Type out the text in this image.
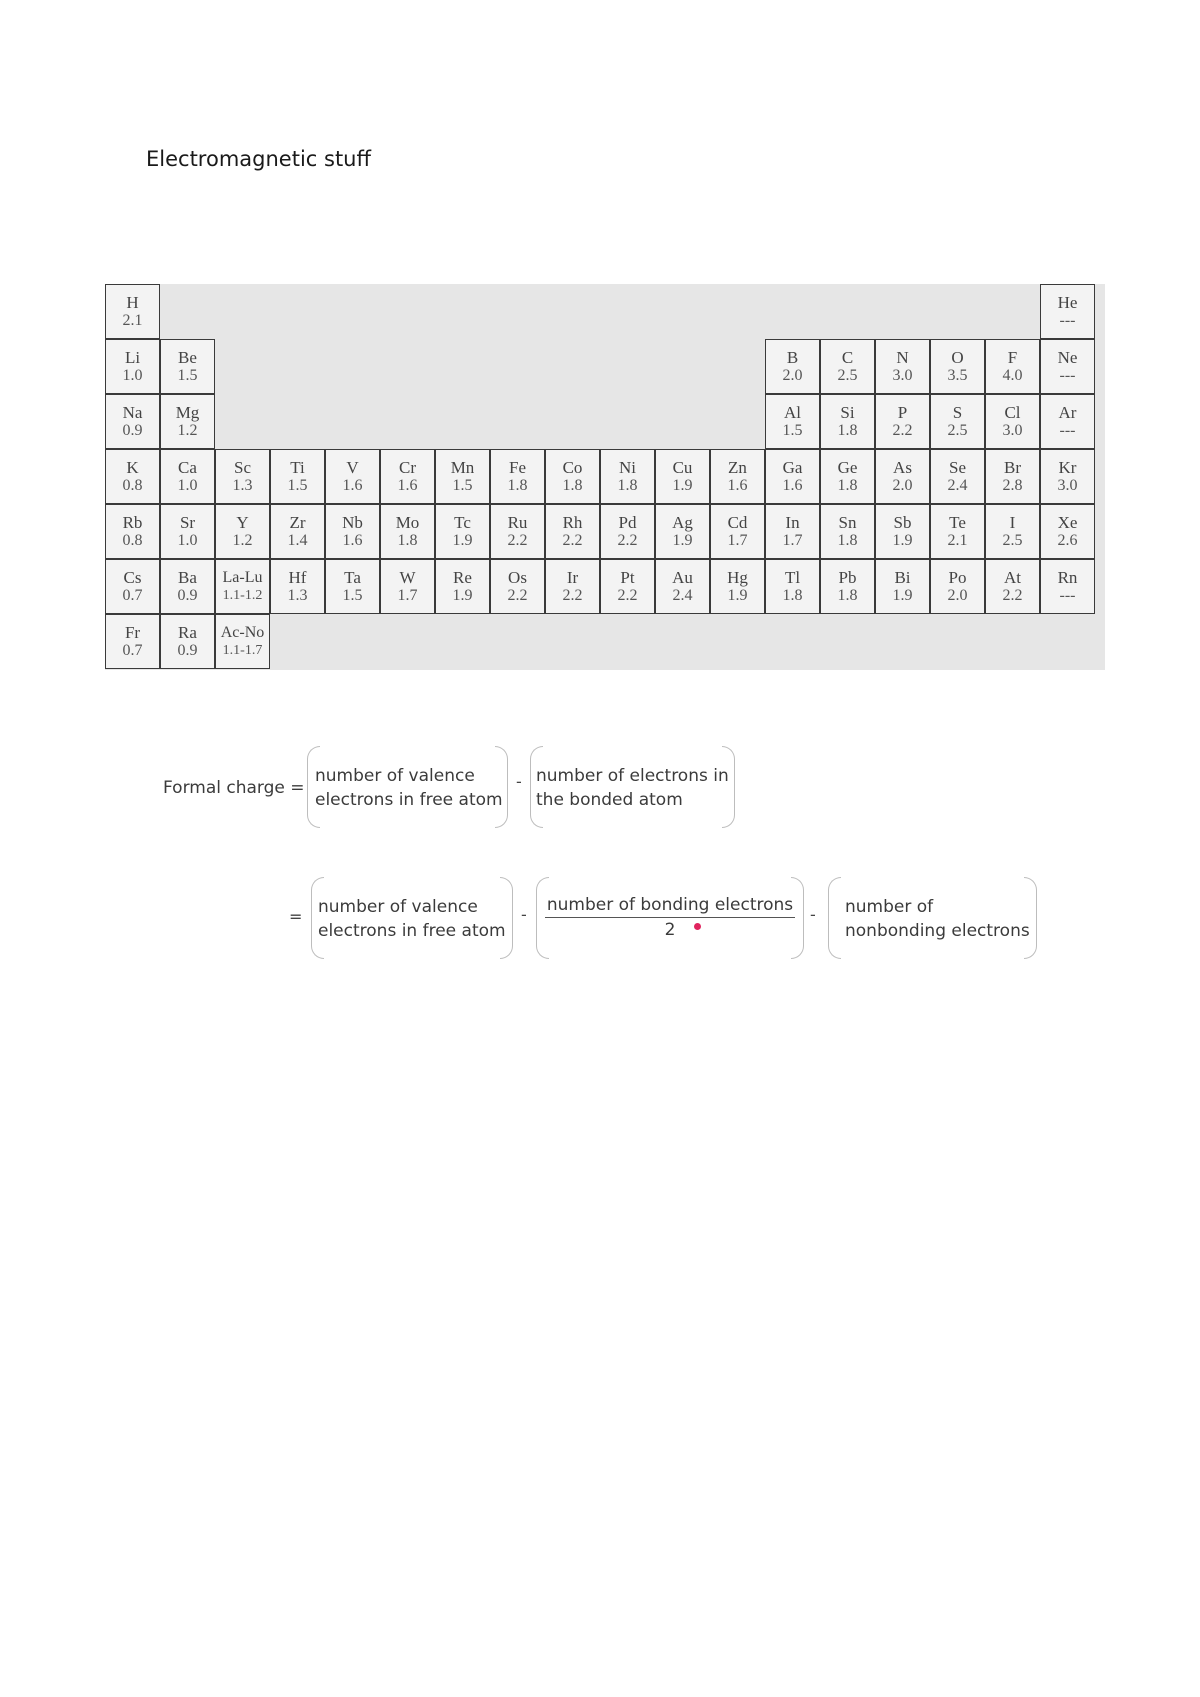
Electromagnetic stuff
H
2.1
He
---
Li
1.0
Be
1.5
B
2.0
C
2.5
N
3.0
O
3.5
F
4.0
Ne
---
Na
0.9
Mg
1.2
Al
1.5
Si
1.8
P
2.2
S
2.5
Cl
3.0
Ar
---
K
0.8
Ca
1.0
Sc
1.3
Ti
1.5
V
1.6
Cr
1.6
Mn
1.5
Fe
1.8
Co
1.8
Ni
1.8
Cu
1.9
Zn
1.6
Ga
1.6
Ge
1.8
As
2.0
Se
2.4
Br
2.8
Kr
3.0
Rb
0.8
Sr
1.0
Y
1.2
Zr
1.4
Nb
1.6
Mo
1.8
Tc
1.9
Ru
2.2
Rh
2.2
Pd
2.2
Ag
1.9
Cd
1.7
In
1.7
Sn
1.8
Sb
1.9
Te
2.1
I
2.5
Xe
2.6
Cs
0.7
Ba
0.9
La-Lu
1.1-1.2
Hf
1.3
Ta
1.5
W
1.7
Re
1.9
Os
2.2
Ir
2.2
Pt
2.2
Au
2.4
Hg
1.9
Tl
1.8
Pb
1.8
Bi
1.9
Po
2.0
At
2.2
Rn
---
Fr
0.7
Ra
0.9
Ac-No
1.1-1.7
Formal charge =
number of valence
electrons in free atom
- number of electrons in
the bonded atom
= number of valence
electrons in free atom
-	number of bonding electrons
2
- number of
nonbonding electrons
